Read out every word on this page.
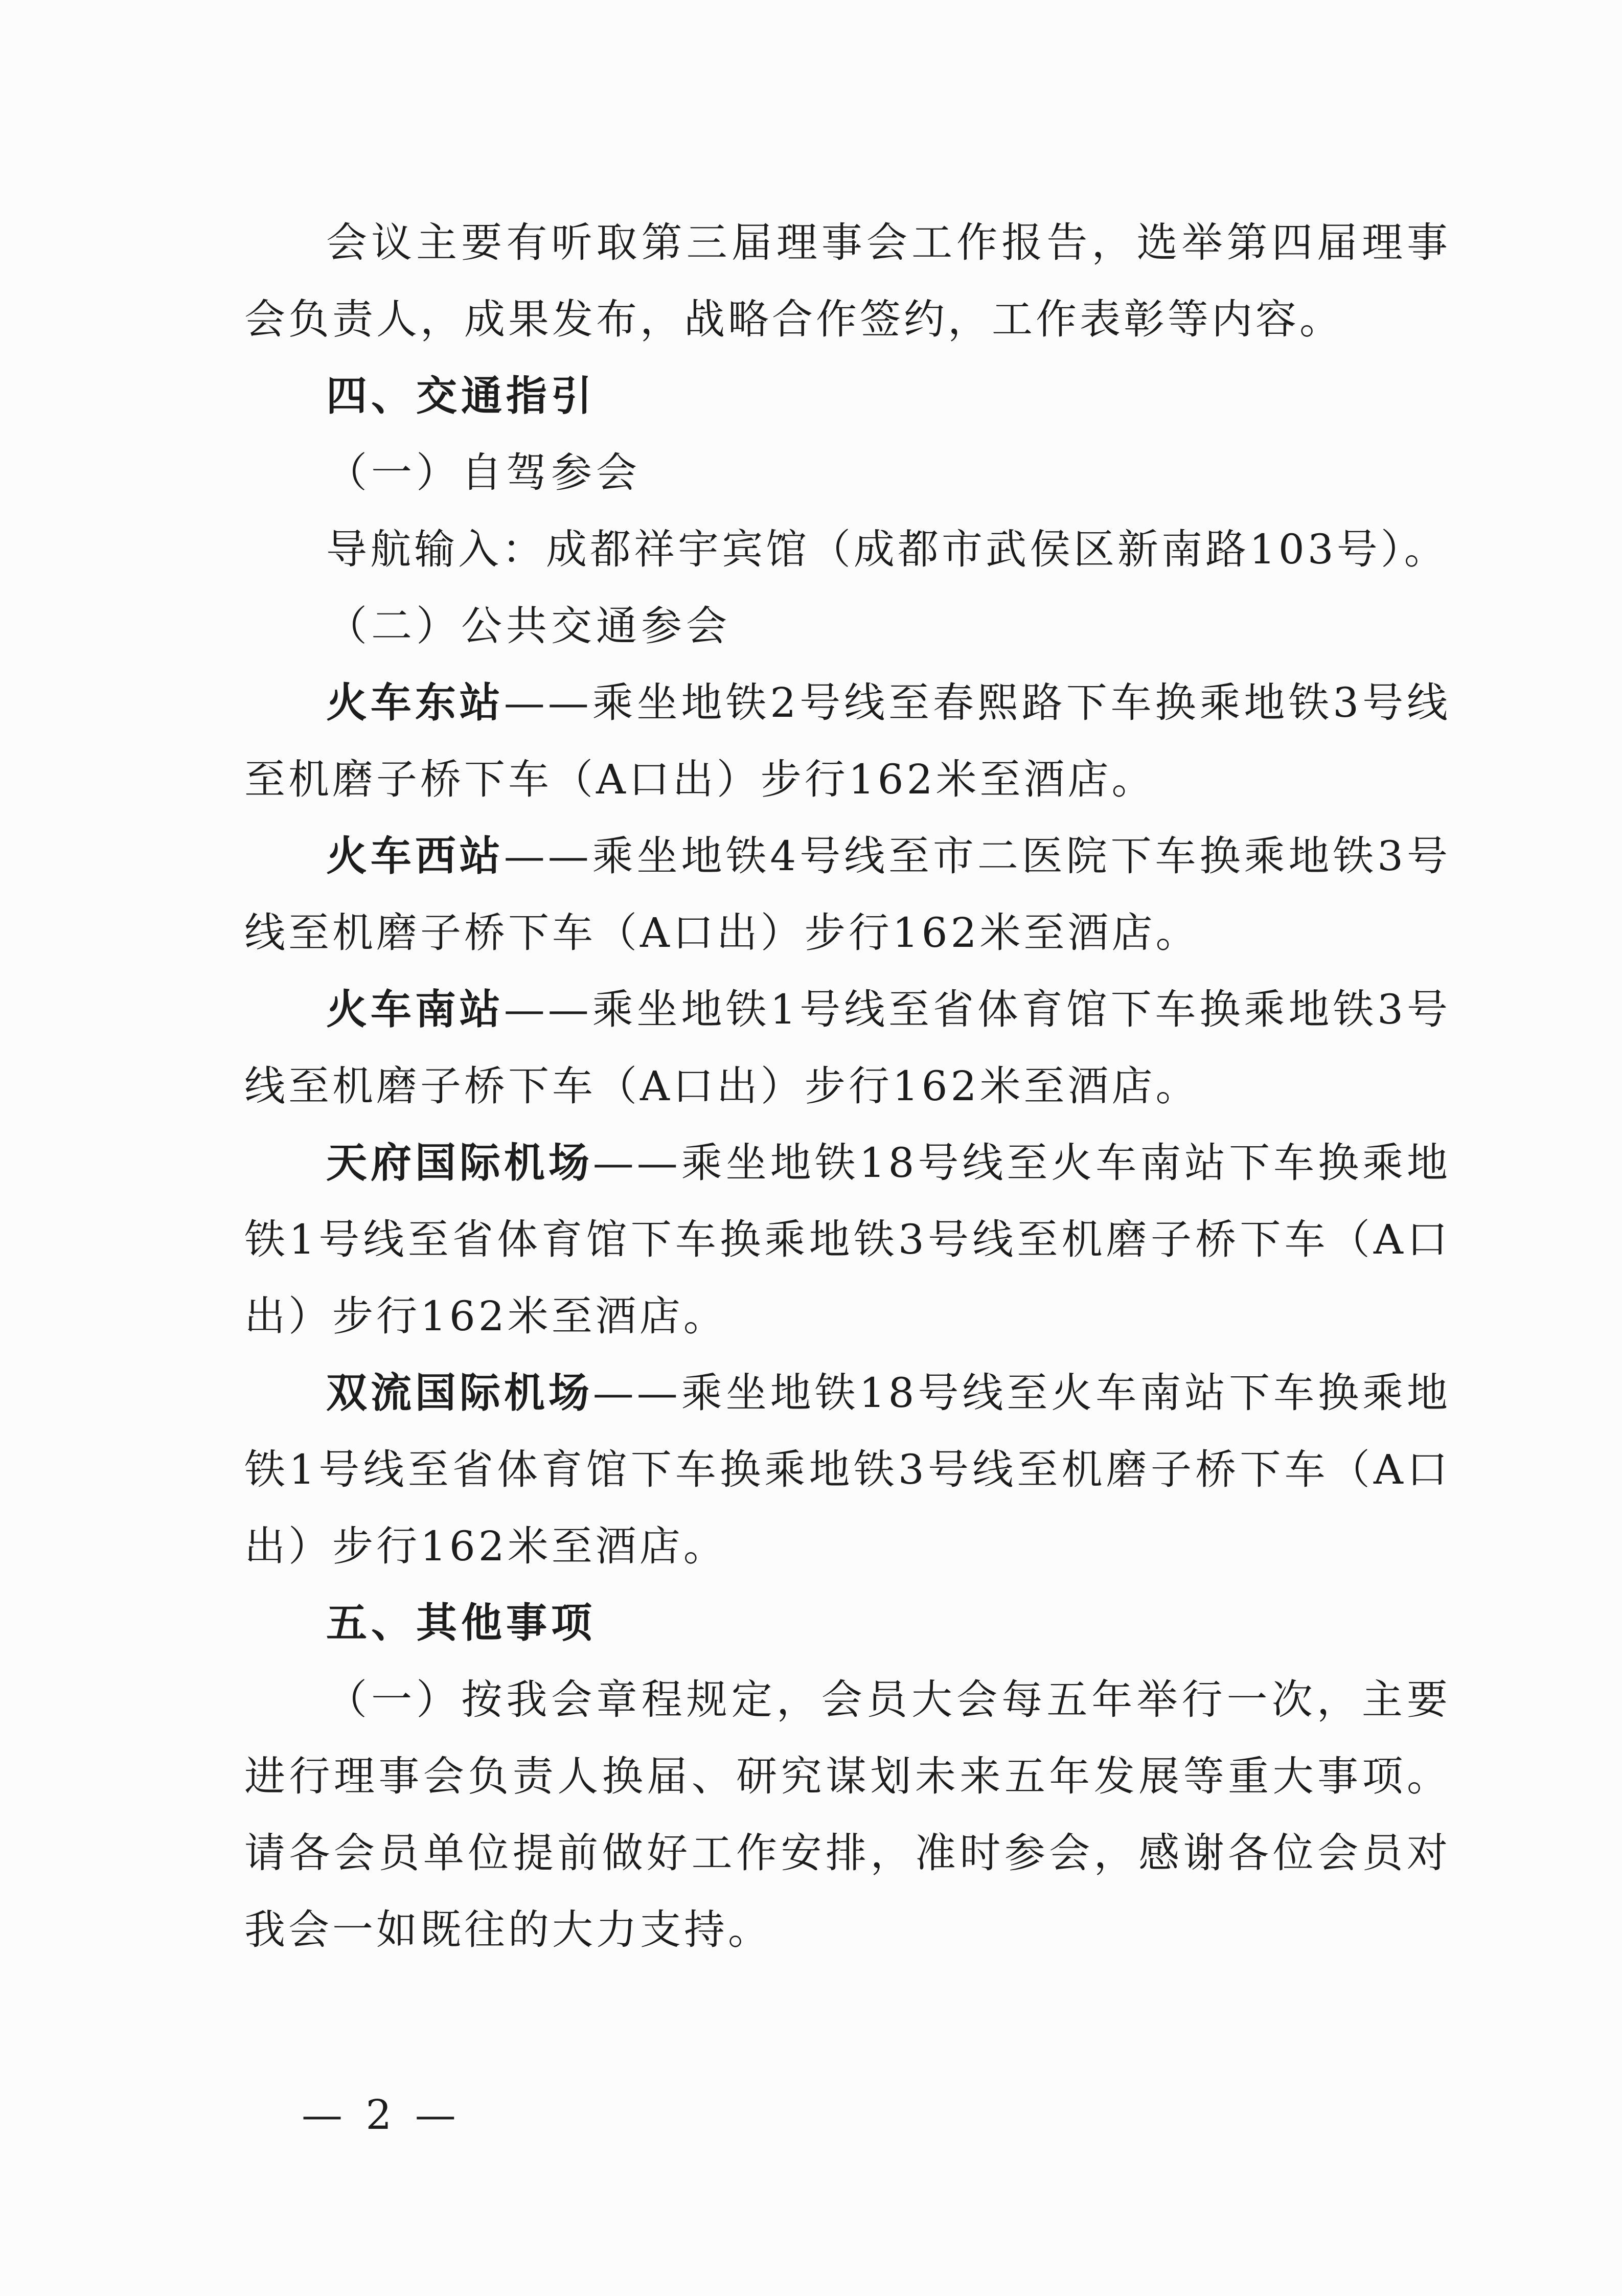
会议主要有听取第三届理事会工作报告，选举第四届理事会负责人，成果发布，战略合作签约，工作表彰等内容。

四、交通指引

（一）自驾参会

导航输入：成都祥宇宾馆（成都市武侯区新南路103号）。

（二）公共交通参会

火车东站——乘坐地铁2号线至春熙路下车换乘地铁3号线至机磨子桥下车（A口出）步行162米至酒店。

火车西站——乘坐地铁4号线至市二医院下车换乘地铁3号线至机磨子桥下车（A口出）步行162米至酒店。

火车南站——乘坐地铁1号线至省体育馆下车换乘地铁3号线至机磨子桥下车（A口出）步行162米至酒店。

天府国际机场——乘坐地铁18号线至火车南站下车换乘地铁1号线至省体育馆下车换乘地铁3号线至机磨子桥下车（A口出）步行162米至酒店。

双流国际机场——乘坐地铁18号线至火车南站下车换乘地铁1号线至省体育馆下车换乘地铁3号线至机磨子桥下车（A口出）步行162米至酒店。

五、其他事项

（一）按我会章程规定，会员大会每五年举行一次，主要进行理事会负责人换届、研究谋划未来五年发展等重大事项。请各会员单位提前做好工作安排，准时参会，感谢各位会员对我会一如既往的大力支持。

— 2 —
